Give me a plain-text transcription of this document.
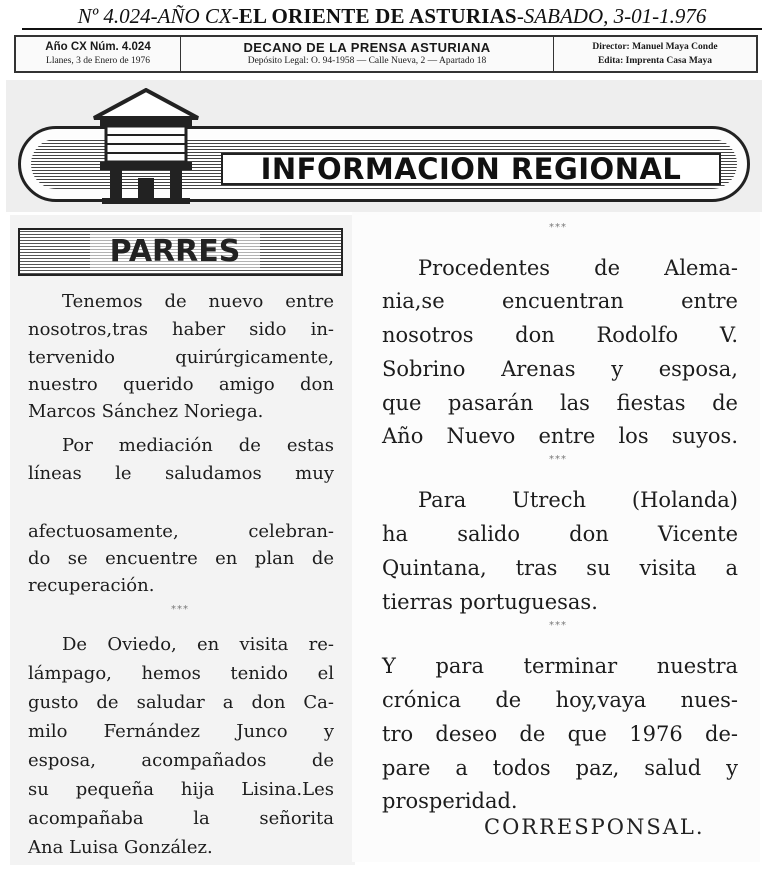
Nº 4.024-AÑO CX-EL ORIENTE DE ASTURIAS-SABADO, 3-01-1.976
Año CX Núm. 4.024
Llanes, 3 de Enero de 1976
DECANO DE LA PRENSA ASTURIANA
Depósito Legal: O. 94-1958 — Calle Nueva, 2 — Apartado 18
Director: Manuel Maya Conde
Edita: Imprenta Casa Maya
INFORMACION REGIONAL
PARRES
Tenemos de nuevo entre
nosotros,tras haber sido in-
tervenido quirúrgicamente,
nuestro querido amigo don
Marcos Sánchez Noriega.
Por mediación de estas
líneas le saludamos muy
afectuosamente, celebran-
do se encuentre en plan de
recuperación.
***
De Oviedo, en visita re-
lámpago, hemos tenido el
gusto de saludar a don Ca-
milo Fernández Junco y
esposa, acompañados de
su pequeña hija Lisina.Les
acompañaba la señorita
Ana Luisa González.
***
Procedentes de Alema-
nia,se encuentran entre
nosotros don Rodolfo V.
Sobrino Arenas y esposa,
que pasarán las fiestas de
Año Nuevo entre los suyos.
***
Para Utrech (Holanda)
ha salido don Vicente
Quintana, tras su visita a
tierras portuguesas.
***
Y para terminar nuestra
crónica de hoy,vaya nues-
tro deseo de que 1976 de-
pare a todos paz, salud y
prosperidad.
CORRESPONSAL.
